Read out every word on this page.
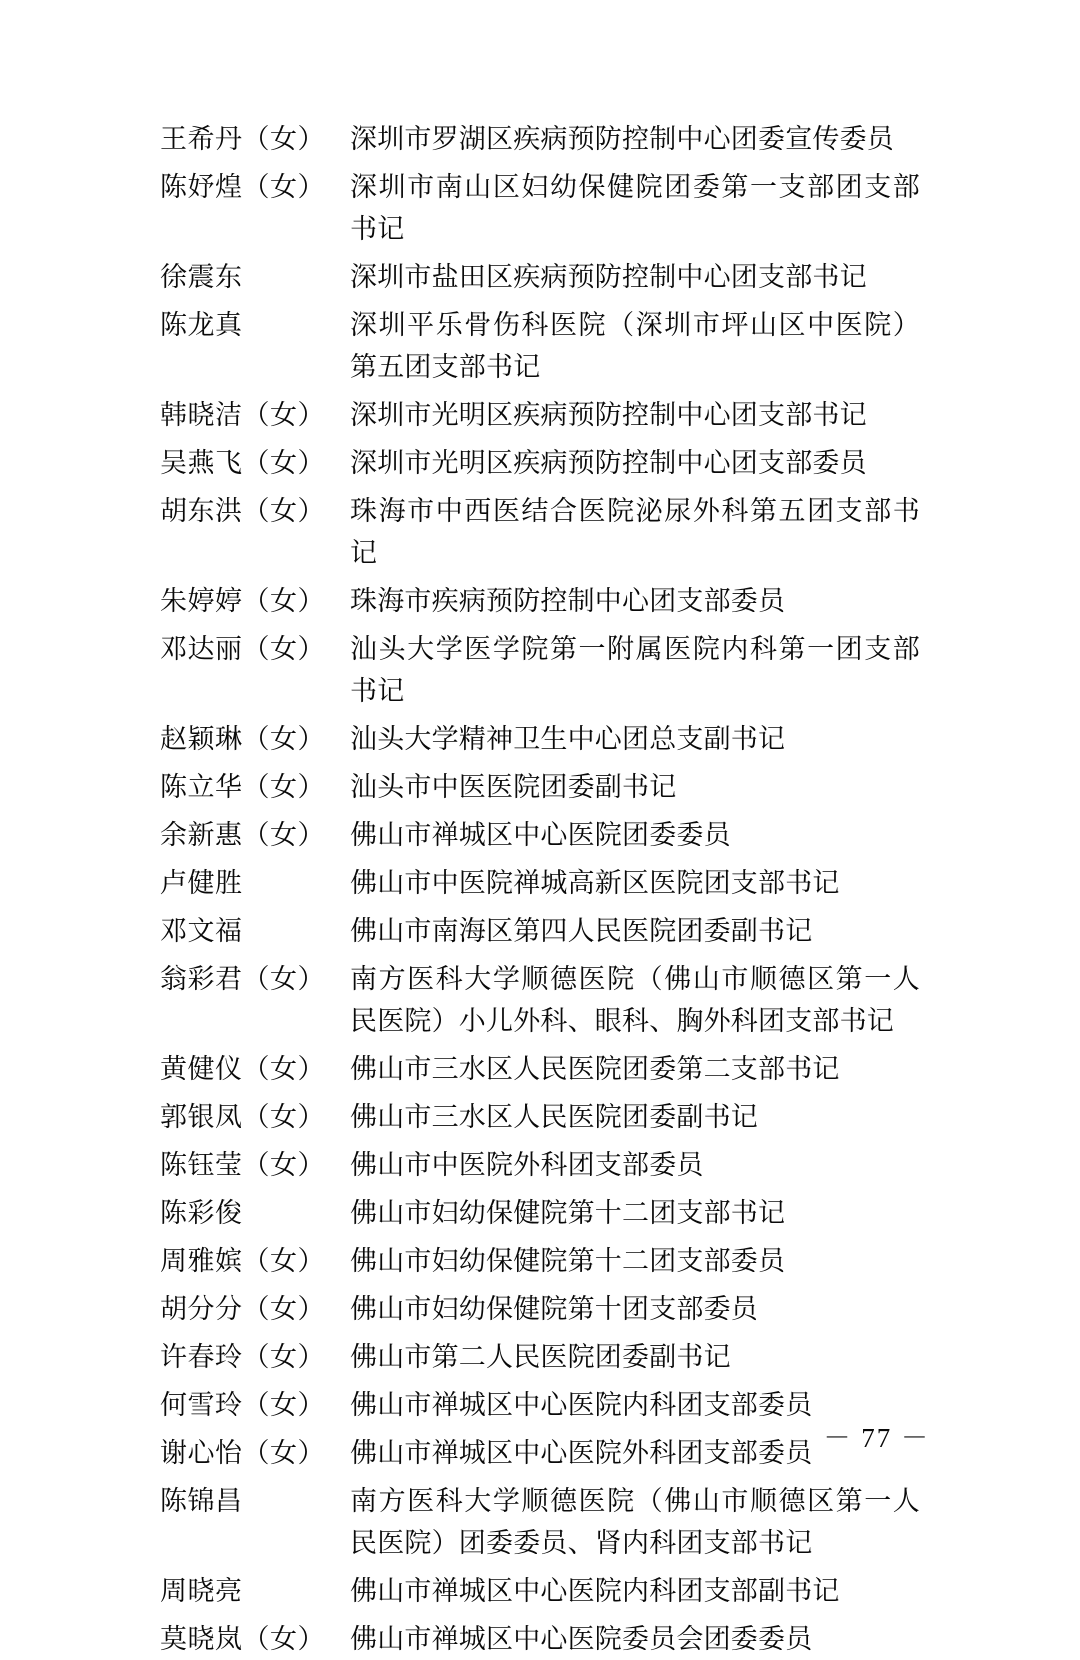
王希丹（女） 深圳市罗湖区疾病预防控制中心团委宣传委员
陈妤煌（女） 深圳市南山区妇幼保健院团委第一支部团支部书记
徐震东	深圳市盐田区疾病预防控制中心团支部书记
陈龙真	深圳平乐骨伤科医院（深圳市坪山区中医院）第五团支部书记
韩晓洁（女） 深圳市光明区疾病预防控制中心团支部书记
吴燕飞（女） 深圳市光明区疾病预防控制中心团支部委员
胡东洪（女） 珠海市中西医结合医院泌尿外科第五团支部书记
朱婷婷（女） 珠海市疾病预防控制中心团支部委员
邓达丽（女） 汕头大学医学院第一附属医院内科第一团支部书记
赵颖琳（女） 汕头大学精神卫生中心团总支副书记
陈立华（女） 汕头市中医医院团委副书记
余新惠（女） 佛山市禅城区中心医院团委委员
卢健胜	佛山市中医院禅城高新区医院团支部书记
邓文福	佛山市南海区第四人民医院团委副书记
翁彩君（女） 南方医科大学顺德医院（佛山市顺德区第一人民医院）小儿外科、眼科、胸外科团支部书记
黄健仪（女） 佛山市三水区人民医院团委第二支部书记
郭银凤（女） 佛山市三水区人民医院团委副书记
陈钰莹（女） 佛山市中医院外科团支部委员
陈彩俊	佛山市妇幼保健院第十二团支部书记
周雅嫔（女） 佛山市妇幼保健院第十二团支部委员
胡分分（女） 佛山市妇幼保健院第十团支部委员
许春玲（女） 佛山市第二人民医院团委副书记
何雪玲（女） 佛山市禅城区中心医院内科团支部委员
谢心怡（女） 佛山市禅城区中心医院外科团支部委员
陈锦昌	南方医科大学顺德医院（佛山市顺德区第一人民医院）团委委员、肾内科团支部书记
周晓亮	佛山市禅城区中心医院内科团支部副书记
莫晓岚（女） 佛山市禅城区中心医院委员会团委委员
－ 77 －
